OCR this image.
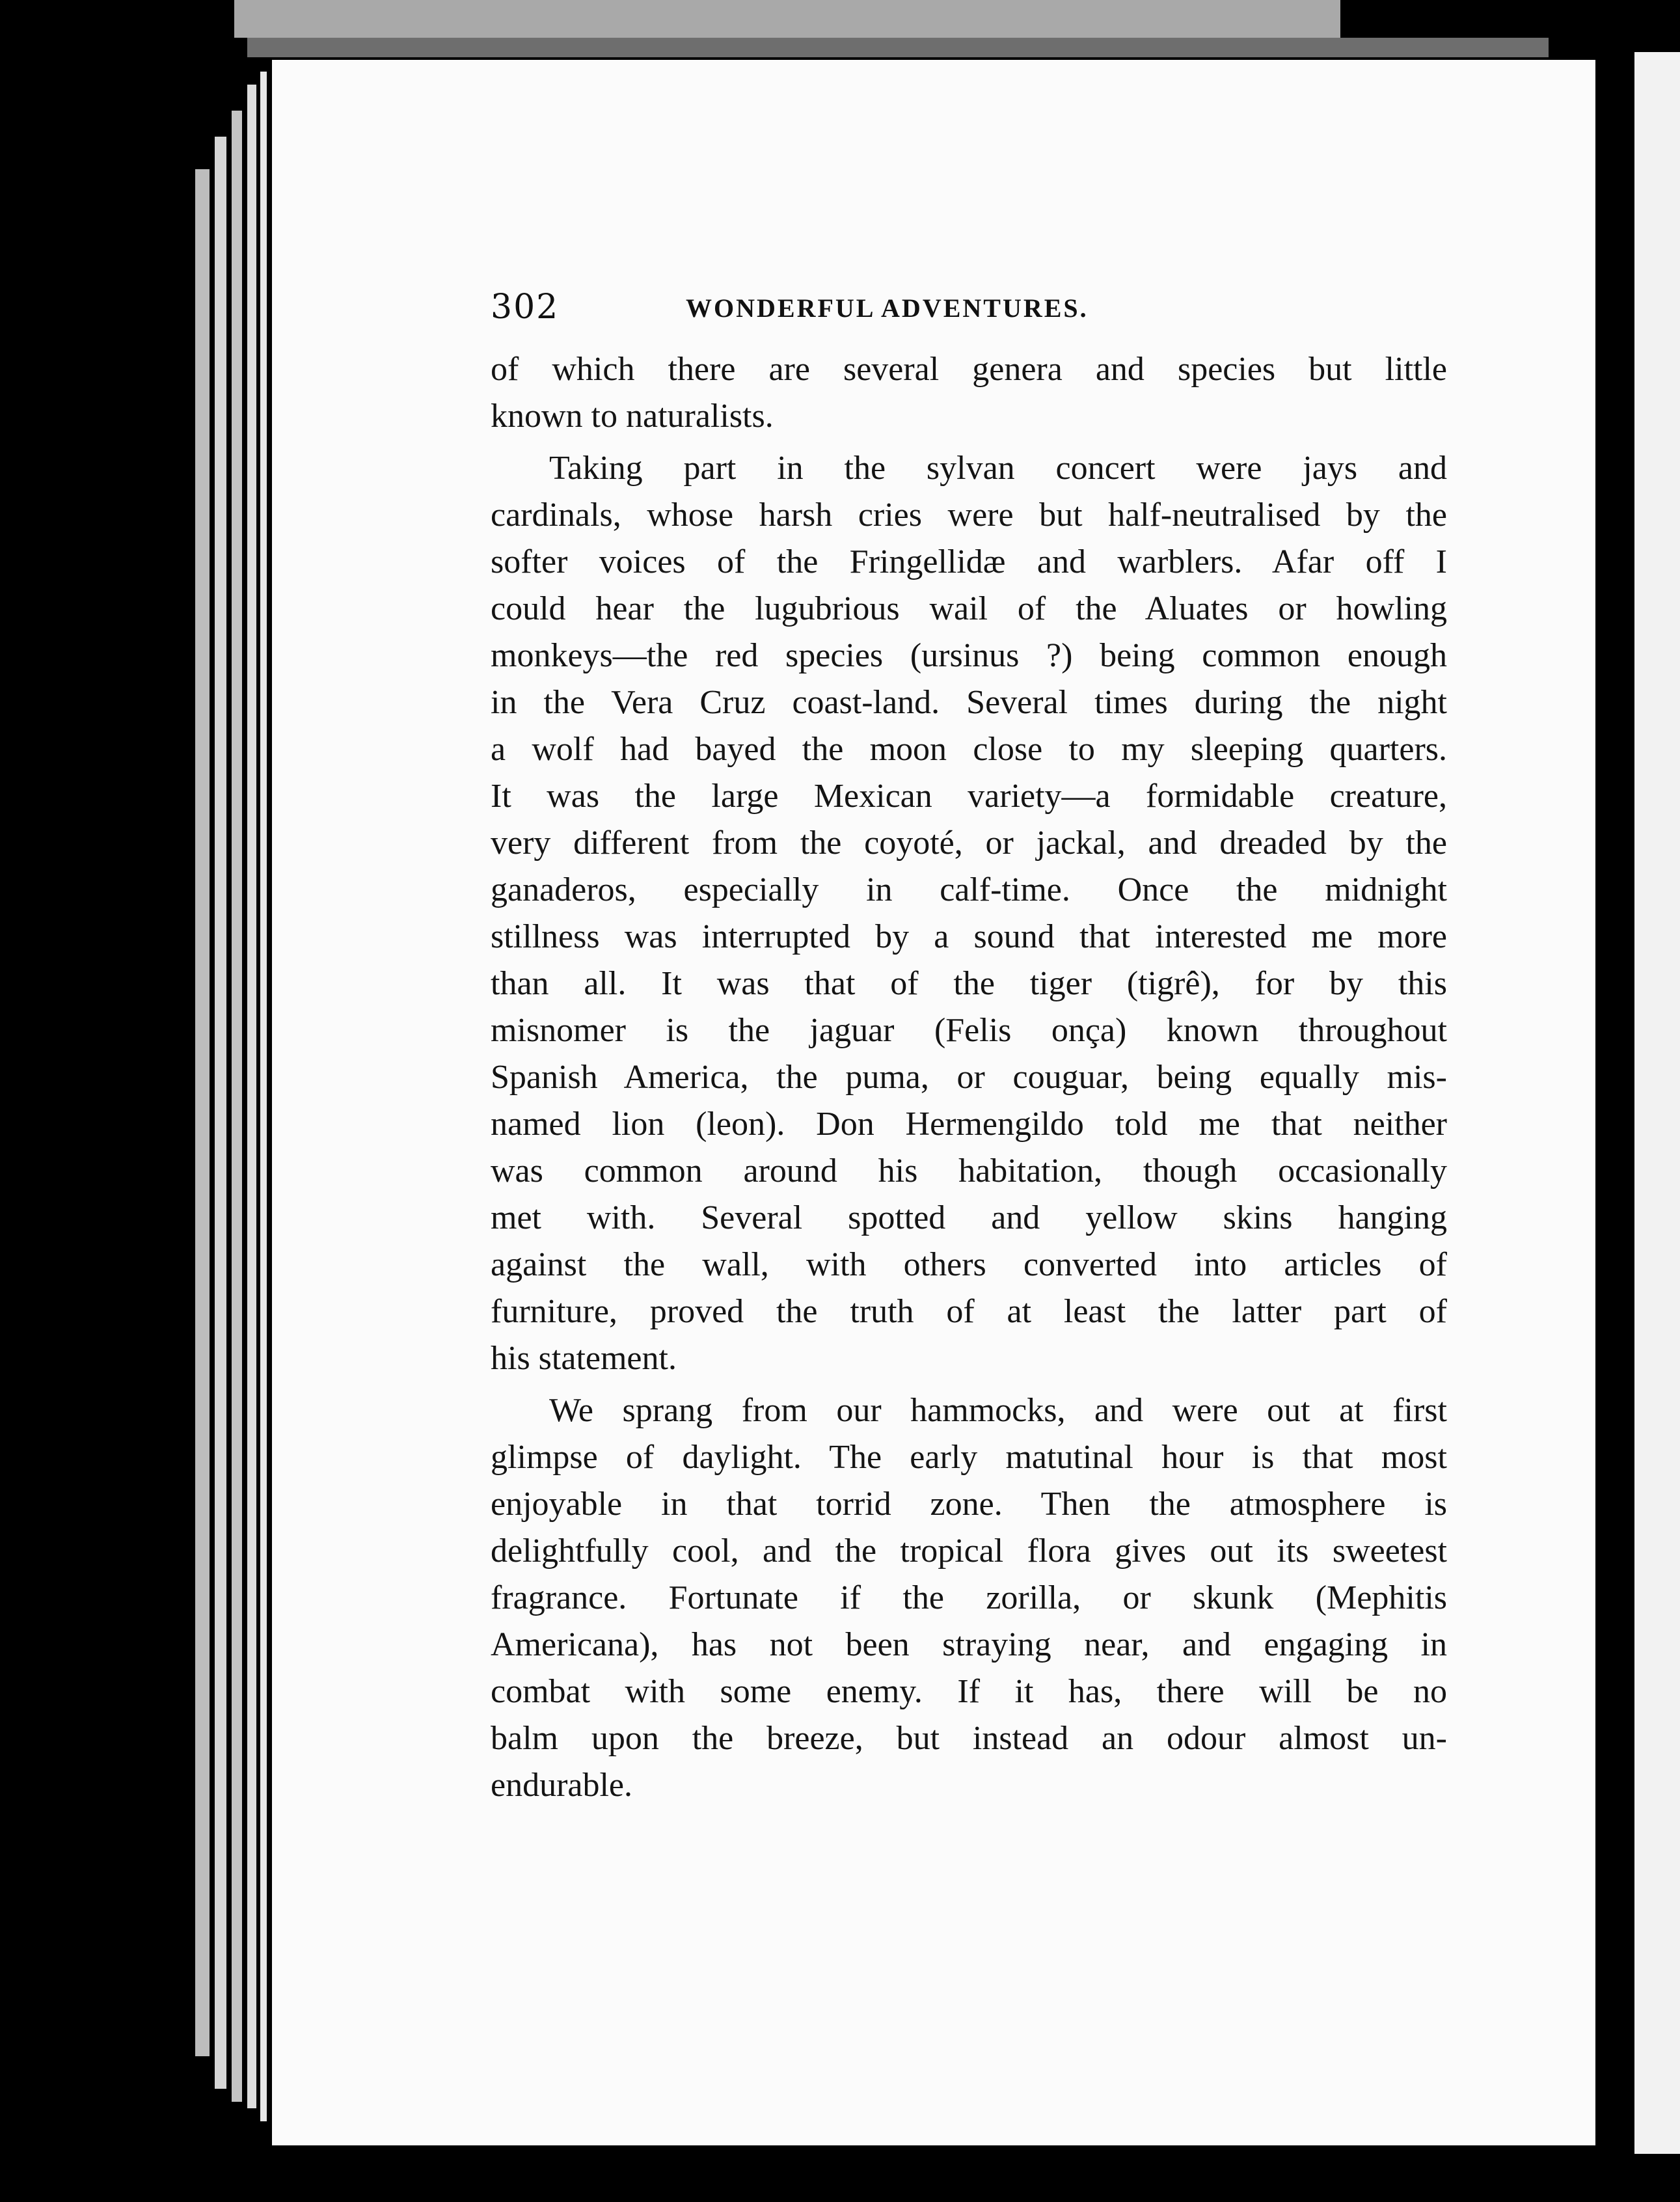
302	WONDERFUL ADVENTURES.
of which there are several genera and species but little
known to naturalists.
Taking part in the sylvan concert were jays and
cardinals, whose harsh cries were but half-neutralised by the
softer voices of the Fringellidæ and warblers. Afar off I
could hear the lugubrious wail of the Aluates or howling
monkeys—the red species (ursinus ?) being common enough
in the Vera Cruz coast-land. Several times during the night
a wolf had bayed the moon close to my sleeping quarters.
It was the large Mexican variety—a formidable creature,
very different from the coyoté, or jackal, and dreaded by the
ganaderos, especially in calf-time. Once the midnight
stillness was interrupted by a sound that interested me more
than all. It was that of the tiger (tigrê), for by this
misnomer is the jaguar (Felis onça) known throughout
Spanish America, the puma, or couguar, being equally mis-
named lion (leon). Don Hermengildo told me that neither
was common around his habitation, though occasionally
met with. Several spotted and yellow skins hanging
against the wall, with others converted into articles of
furniture, proved the truth of at least the latter part of
his statement.
We sprang from our hammocks, and were out at first
glimpse of daylight. The early matutinal hour is that most
enjoyable in that torrid zone. Then the atmosphere is
delightfully cool, and the tropical flora gives out its sweetest
fragrance. Fortunate if the zorilla, or skunk (Mephitis
Americana), has not been straying near, and engaging in
combat with some enemy. If it has, there will be no
balm upon the breeze, but instead an odour almost un-
endurable.
